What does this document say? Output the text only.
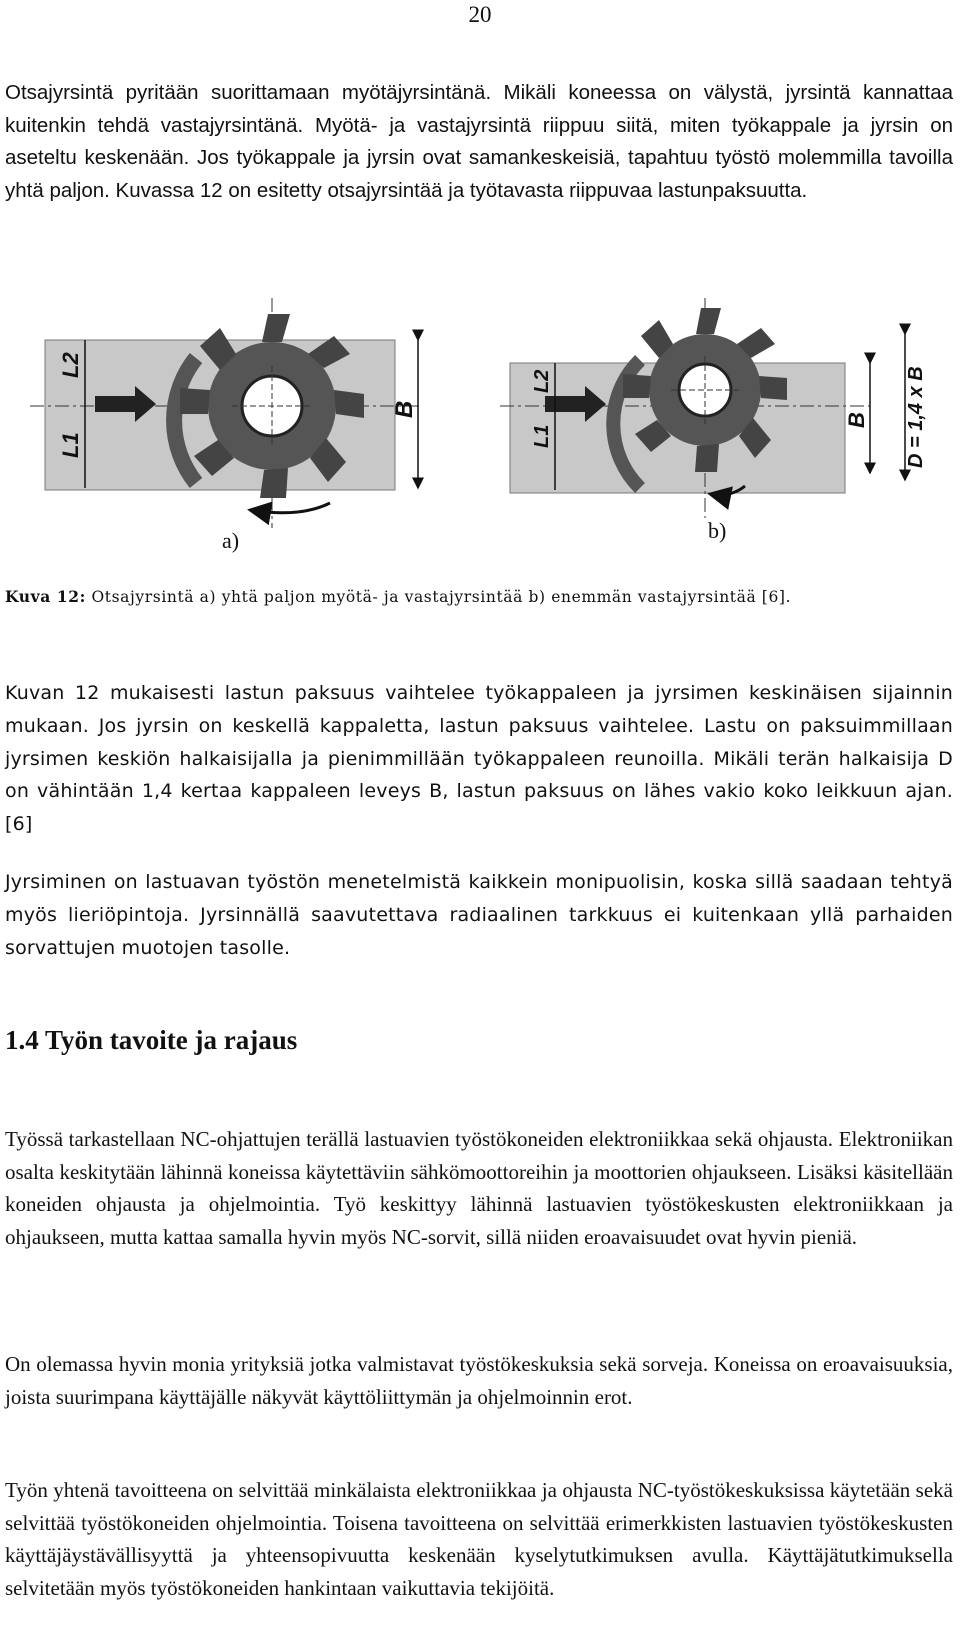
20

Otsajyrsintä pyritään suorittamaan myötäjyrsintänä. Mikäli koneessa on välystä, jyrsintä kannattaa kuitenkin tehdä vastajyrsintänä. Myötä- ja vastajyrsintä riippuu siitä, miten työkappale ja jyrsin on aseteltu keskenään. Jos työkappale ja jyrsin ovat samankeskeisiä, tapahtuu työstö molemmilla tavoilla yhtä paljon. Kuvassa 12 on esitetty otsajyrsintää ja työtavasta riippuvaa lastunpaksuutta.

L2
L1
B
L2
L1
B D = 1,4 x B
a)	b)
Kuva 12: Otsajyrsintä a) yhtä paljon myötä- ja vastajyrsintää b) enemmän vastajyrsintää [6].

Kuvan 12 mukaisesti lastun paksuus vaihtelee työkappaleen ja jyrsimen keskinäisen sijainnin mukaan. Jos jyrsin on keskellä kappaletta, lastun paksuus vaihtelee. Lastu on paksuimmillaan jyrsimen keskiön halkaisijalla ja pienimmillään työkappaleen reunoilla. Mikäli terän halkaisija D on vähintään 1,4 kertaa kappaleen leveys B, lastun paksuus on lähes vakio koko leikkuun ajan. [6]

Jyrsiminen on lastuavan työstön menetelmistä kaikkein monipuolisin, koska sillä saadaan tehtyä myös lieriöpintoja. Jyrsinnällä saavutettava radiaalinen tarkkuus ei kuitenkaan yllä parhaiden sorvattujen muotojen tasolle.

1.4 Työn tavoite ja rajaus

Työssä tarkastellaan NC-ohjattujen terällä lastuavien työstökoneiden elektroniikkaa sekä ohjausta. Elektroniikan osalta keskitytään lähinnä koneissa käytettäviin sähkömoottoreihin ja moottorien ohjaukseen. Lisäksi käsitellään koneiden ohjausta ja ohjelmointia. Työ keskittyy lähinnä lastuavien työstökeskusten elektroniikkaan ja ohjaukseen, mutta kattaa samalla hyvin myös NC-sorvit, sillä niiden eroavaisuudet ovat hyvin pieniä.

On olemassa hyvin monia yrityksiä jotka valmistavat työstökeskuksia sekä sorveja. Koneissa on eroavaisuuksia, joista suurimpana käyttäjälle näkyvät käyttöliittymän ja ohjelmoinnin erot.

Työn yhtenä tavoitteena on selvittää minkälaista elektroniikkaa ja ohjausta NC-työstökeskuksissa käytetään sekä selvittää työstökoneiden ohjelmointia. Toisena tavoitteena on selvittää erimerkkisten lastuavien työstökeskusten käyttäjäystävällisyyttä ja yhteensopivuutta keskenään kyselytutkimuksen avulla. Käyttäjätutkimuksella selvitetään myös työstökoneiden hankintaan vaikuttavia tekijöitä.
